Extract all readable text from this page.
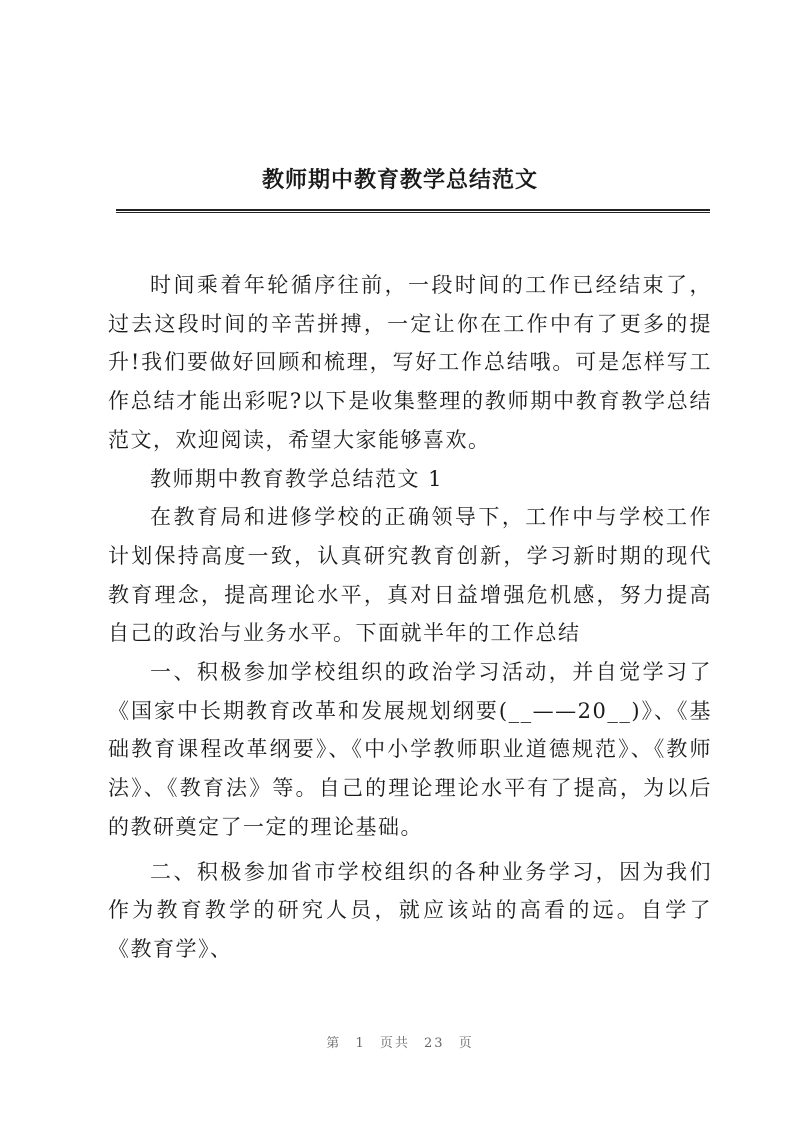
教师期中教育教学总结范文

时间乘着年轮循序往前，一段时间的工作已经结束了，过去这段时间的辛苦拼搏，一定让你在工作中有了更多的提升!我们要做好回顾和梳理，写好工作总结哦。可是怎样写工作总结才能出彩呢?以下是收集整理的教师期中教育教学总结范文，欢迎阅读，希望大家能够喜欢。

教师期中教育教学总结范文 1

在教育局和进修学校的正确领导下，工作中与学校工作计划保持高度一致，认真研究教育创新，学习新时期的现代教育理念，提高理论水平，真对日益增强危机感，努力提高自己的政治与业务水平。下面就半年的工作总结

一、积极参加学校组织的政治学习活动，并自觉学习了《国家中长期教育改革和发展规划纲要(__——20__)》、《基础教育课程改革纲要》、《中小学教师职业道德规范》、《教师法》、《教育法》等。自己的理论理论水平有了提高，为以后的教研奠定了一定的理论基础。

二、积极参加省市学校组织的各种业务学习，因为我们作为教育教学的研究人员，就应该站的高看的远。自学了《教育学》、

第 1 页共 23 页
